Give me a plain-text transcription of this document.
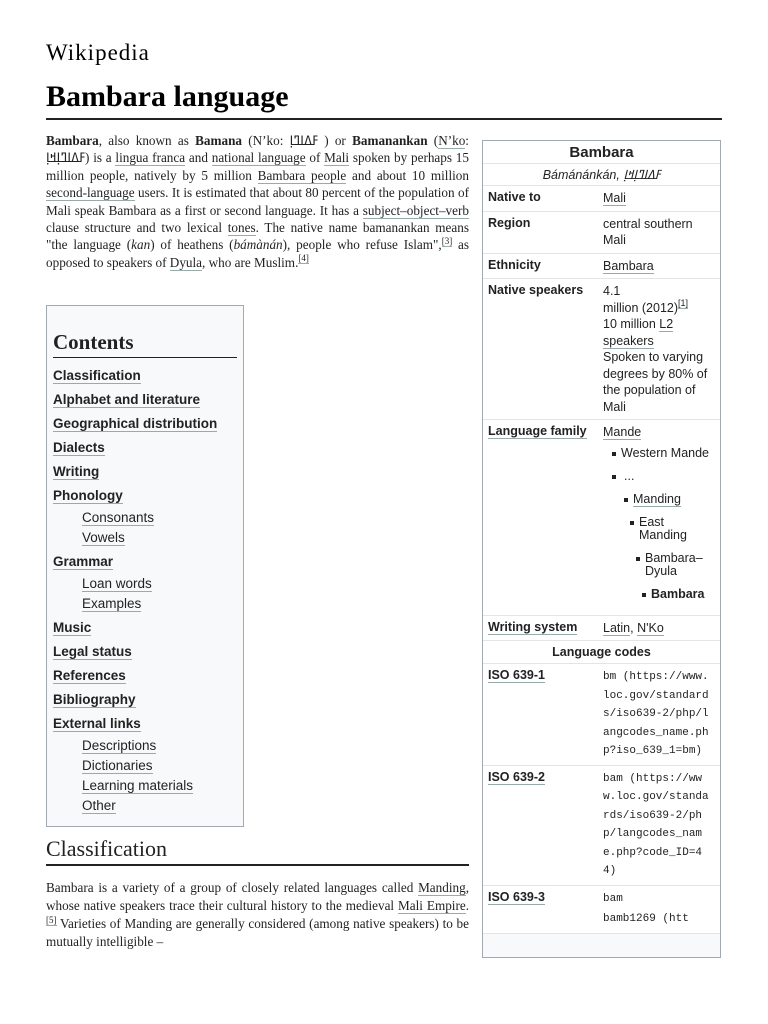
Wikipedia
Bambara language

Bambara, also known as Bamana (N’ko: ߓߡߊߣߊ߲ ) or Bamanankan (N’ko: ߓߡߊߣߊ߲ߞߊ߲) is a lingua franca and national language of Mali spoken by perhaps 15 million people, natively by 5 million Bambara people and about 10 million second-language users. It is estimated that about 80 percent of the population of Mali speak Bambara as a first or second language. It has a subject–object–verb clause structure and two lexical tones. The native name bamanankan means "the language (kan) of heathens (bámànán), people who refuse Islam",[3] as opposed to speakers of Dyula, who are Muslim.[4]

Contents
Classification
Alphabet and literature
Geographical distribution
Dialects
Writing
Phonology
Consonants
Vowels
Grammar
Loan words
Examples
Music
Legal status
References
Bibliography
External links
Descriptions
Dictionaries
Learning materials
Other
Classification

Bambara is a variety of a group of closely related languages called Manding, whose native speakers trace their cultural history to the medieval Mali Empire.[5] Varieties of Manding are generally considered (among native speakers) to be mutually intelligible –

Bambara
Bámánánkán, ߓߡߊߣߊ߲ߞߊ߲
Native to	Mali
Region	central southern Mali
Ethnicity	Bambara
Native speakers	4.1
million (2012)[1]
10 million L2
speakers
Spoken to varying degrees by 80% of the population of Mali
Language family	Mande
Western Mande
...
Manding
East Manding
Bambara–Dyula
Bambara
Writing system	Latin, N'Ko
Language codes
ISO 639-1	bm (https://www.loc.gov/standards/iso639-2/php/langcodes_name.php?iso_639_1=bm)
ISO 639-2	bam (https://www.loc.gov/standards/iso639-2/php/langcodes_name.php?code_ID=44)
ISO 639-3	bam
bamb1269 (htt
